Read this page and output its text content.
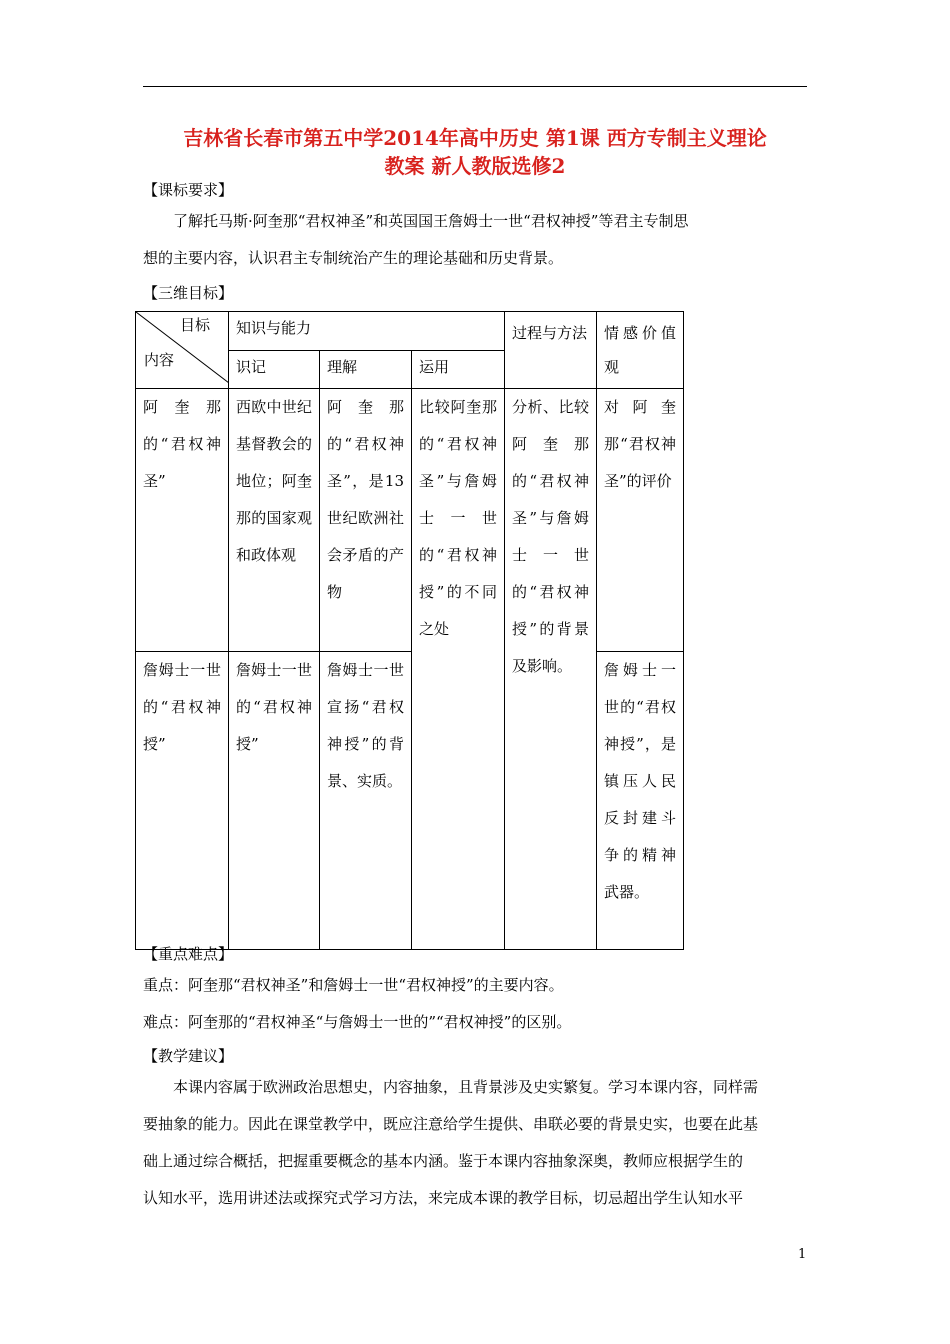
吉林省长春市第五中学2014年高中历史 第1课 西方专制主义理论
教案 新人教版选修2
【课标要求】
了解托马斯·阿奎那“君权神圣”和英国国王詹姆士一世“君权神授”等君主专制思
想的主要内容，认识君主专制统治产生的理论基础和历史背景。
【三维目标】
目标
内容	知识与能力			过程与方法	情感价值观
	识记	理解	运用		
阿奎那的“君权神圣”	西欧中世纪基督教会的地位；阿奎那的国家观和政体观	阿奎那的“君权神圣”，是13世纪欧洲社会矛盾的产物	比较阿奎那的“君权神圣”与詹姆士一世的“君权神授”的不同之处	分析、比较阿奎那的“君权神圣”与詹姆士一世的“君权神授”的背景及影响。	对阿奎那“君权神圣”的评价
詹姆士一世的“君权神授”	詹姆士一世的“君权神授”	詹姆士一世宣扬“君权神授”的背景、实质。			詹姆士一世的“君权神授”，是镇压人民反封建斗争的精神武器。
【重点难点】
重点：阿奎那“君权神圣”和詹姆士一世“君权神授”的主要内容。
难点：阿奎那的“君权神圣“与詹姆士一世的”“君权神授”的区别。
【教学建议】
本课内容属于欧洲政治思想史，内容抽象，且背景涉及史实繁复。学习本课内容，同样需
要抽象的能力。因此在课堂教学中，既应注意给学生提供、串联必要的背景史实，也要在此基
础上通过综合概括，把握重要概念的基本内涵。鉴于本课内容抽象深奥，教师应根据学生的
认知水平，选用讲述法或探究式学习方法，来完成本课的教学目标，切忌超出学生认知水平
1
